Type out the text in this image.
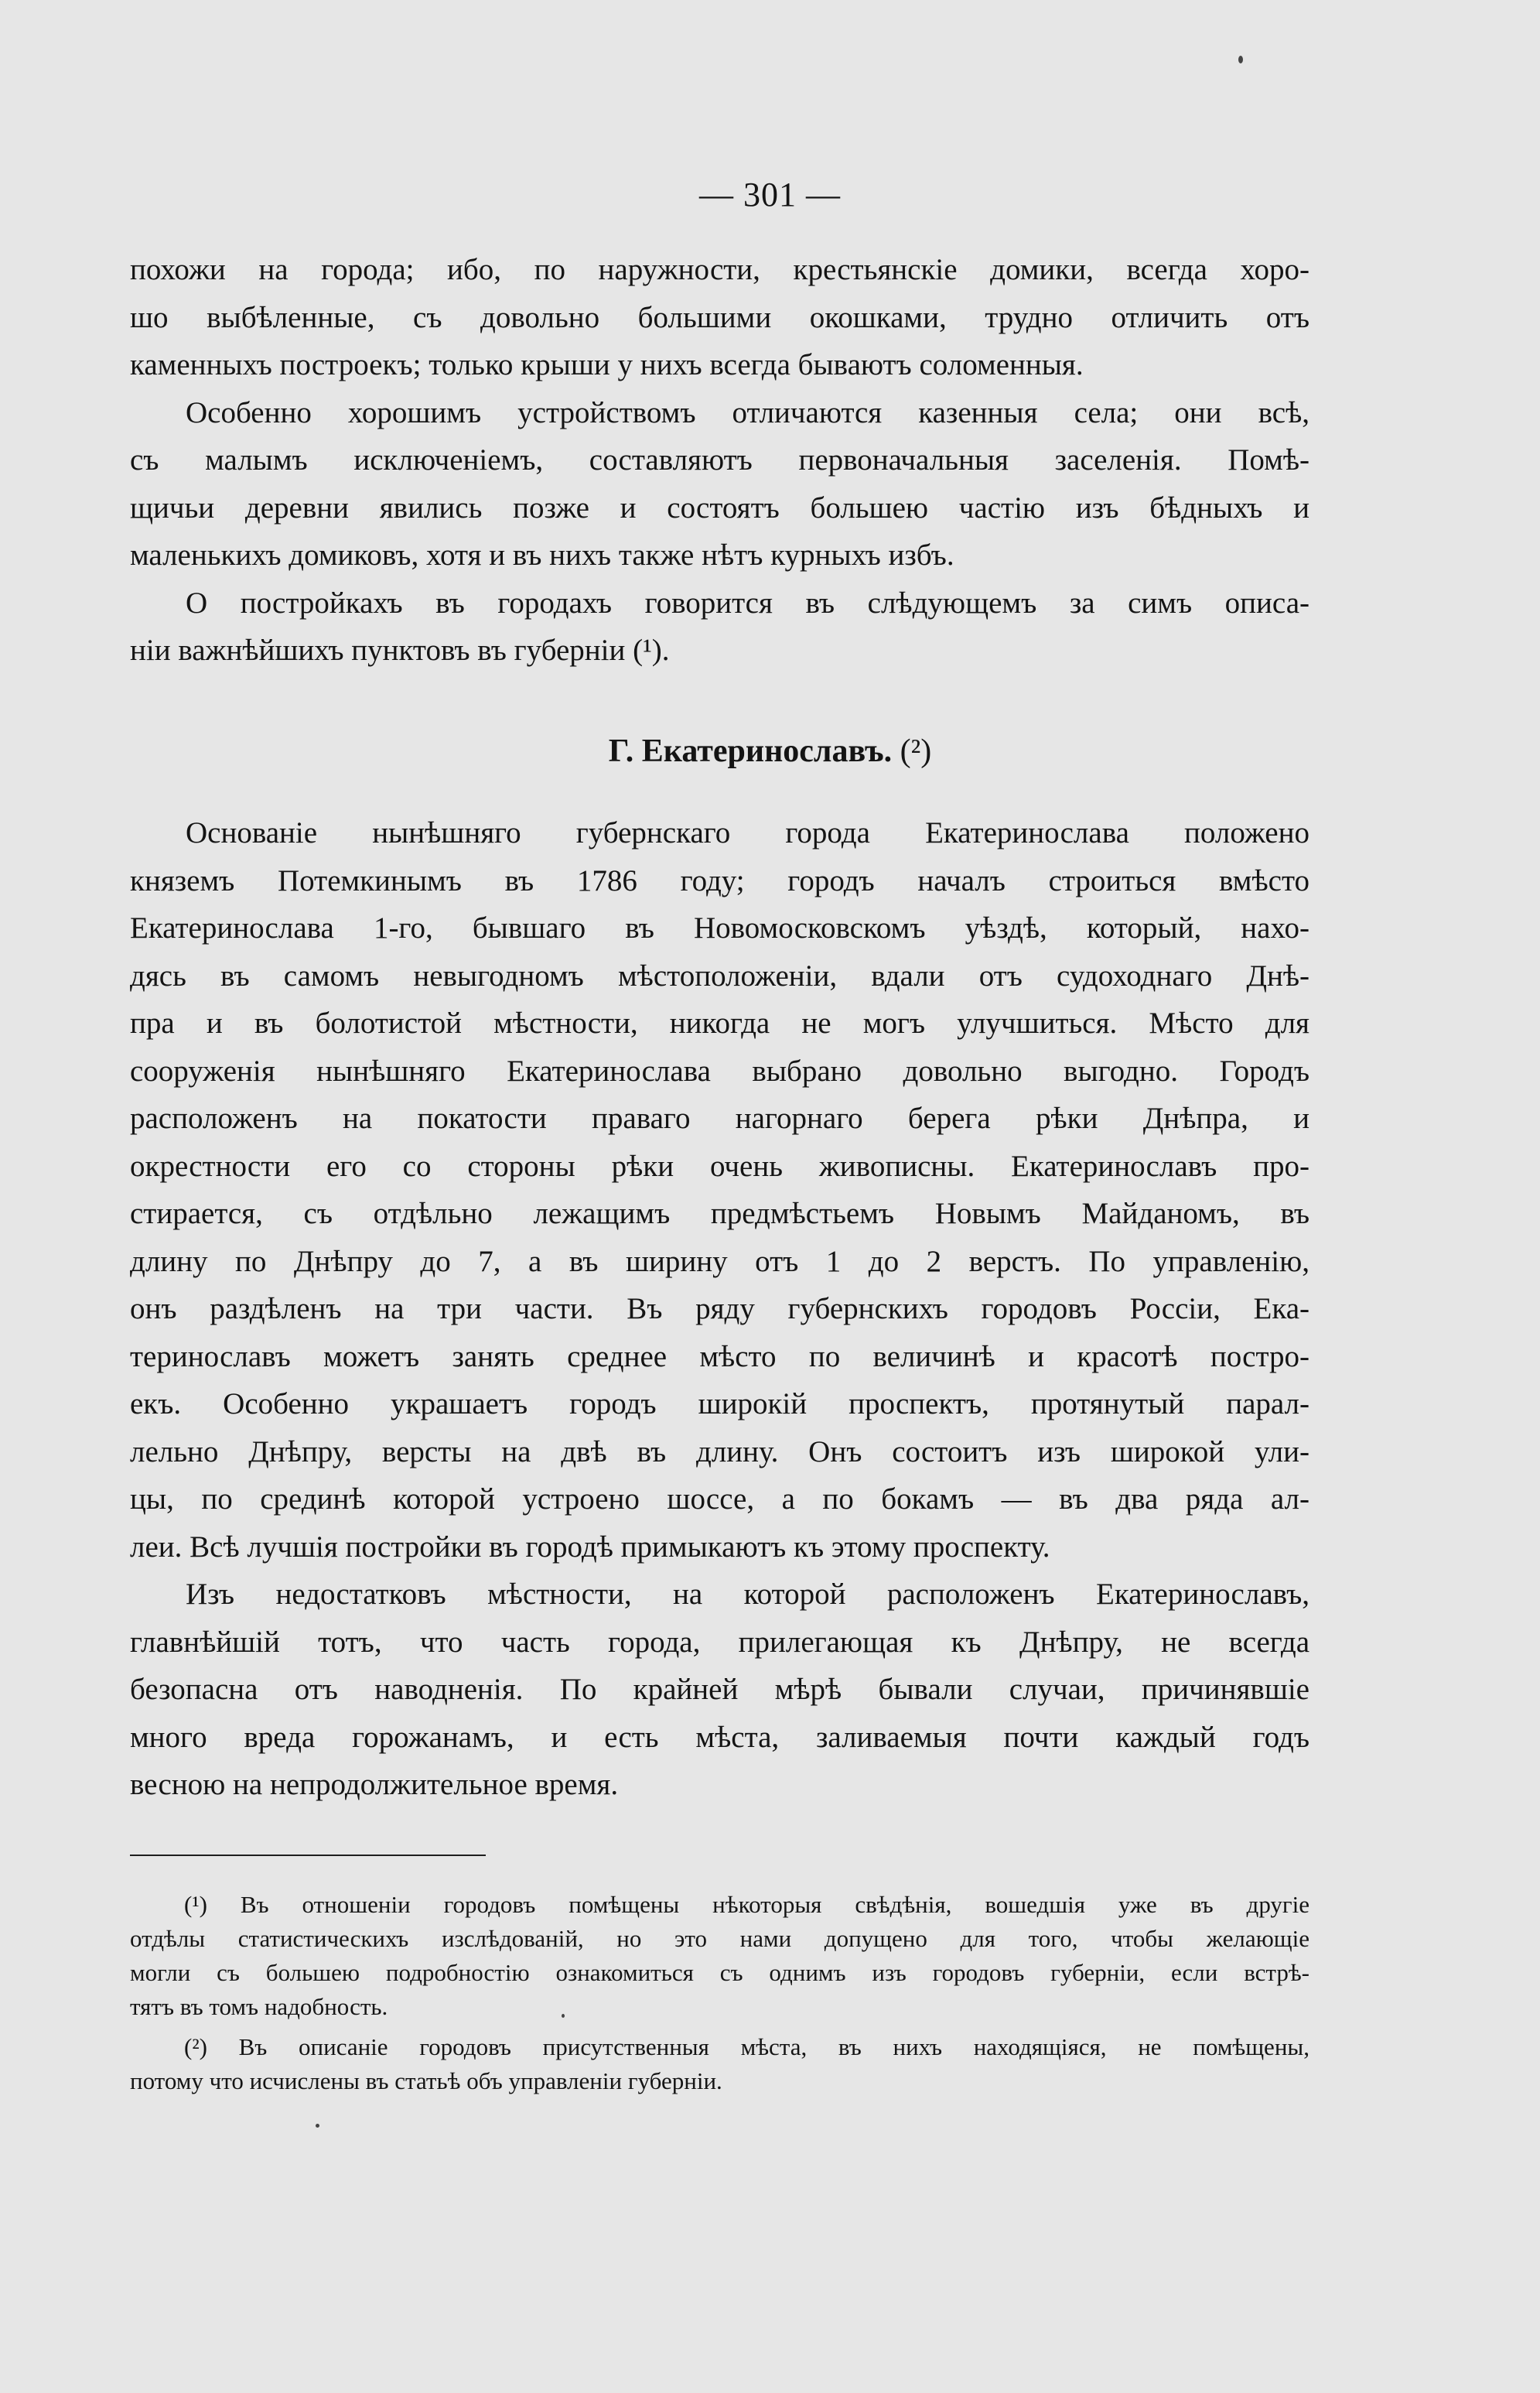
— 301 —
похожи на города; ибо, по наружности, крестьянскіе домики, всегда хоро-
шо выбѣленные, съ довольно большими окошками, трудно отличить отъ
каменныхъ построекъ; только крыши у нихъ всегда бываютъ соломенныя.
Особенно хорошимъ устройствомъ отличаются казенныя села; они всѣ,
съ малымъ исключеніемъ, составляютъ первоначальныя заселенія. Помѣ-
щичьи деревни явились позже и состоятъ большею частію изъ бѣдныхъ и
маленькихъ домиковъ, хотя и въ нихъ также нѣтъ курныхъ избъ.
О постройкахъ въ городахъ говорится въ слѣдующемъ за симъ описа-
ніи важнѣйшихъ пунктовъ въ губерніи (¹).
Г. Екатеринославъ. (²)
Основаніе нынѣшняго губернскаго города Екатеринослава положено
княземъ Потемкинымъ въ 1786 году; городъ началъ строиться вмѣсто
Екатеринослава 1-го, бывшаго въ Новомосковскомъ уѣздѣ, который, нахо-
дясь въ самомъ невыгодномъ мѣстоположеніи, вдали отъ судоходнаго Днѣ-
пра и въ болотистой мѣстности, никогда не могъ улучшиться. Мѣсто для
сооруженія нынѣшняго Екатеринослава выбрано довольно выгодно. Городъ
расположенъ на покатости праваго нагорнаго берега рѣки Днѣпра, и
окрестности его со стороны рѣки очень живописны. Екатеринославъ про-
стирается, съ отдѣльно лежащимъ предмѣстьемъ Новымъ Майданомъ, въ
длину по Днѣпру до 7, а въ ширину отъ 1 до 2 верстъ. По управленію,
онъ раздѣленъ на три части. Въ ряду губернскихъ городовъ Россіи, Ека-
теринославъ можетъ занять среднее мѣсто по величинѣ и красотѣ постро-
екъ. Особенно украшаетъ городъ широкій проспектъ, протянутый парал-
лельно Днѣпру, версты на двѣ въ длину. Онъ состоитъ изъ широкой ули-
цы, по срединѣ которой устроено шоссе, а по бокамъ — въ два ряда ал-
леи. Всѣ лучшія постройки въ городѣ примыкаютъ къ этому проспекту.
Изъ недостатковъ мѣстности, на которой расположенъ Екатеринославъ,
главнѣйшій тотъ, что часть города, прилегающая къ Днѣпру, не всегда
безопасна отъ наводненія. По крайней мѣрѣ бывали случаи, причинявшіе
много вреда горожанамъ, и есть мѣста, заливаемыя почти каждый годъ
весною на непродолжительное время.
(¹) Въ отношеніи городовъ помѣщены нѣкоторыя свѣдѣнія, вошедшія уже въ другіе
отдѣлы статистическихъ изслѣдованій, но это нами допущено для того, чтобы желающіе
могли съ большею подробностію ознакомиться съ однимъ изъ городовъ губерніи, если встрѣ-
тятъ въ томъ надобность.
(²) Въ описаніе городовъ присутственныя мѣста, въ нихъ находящіяся, не помѣщены,
потому что исчислены въ статьѣ объ управленіи губерніи.
